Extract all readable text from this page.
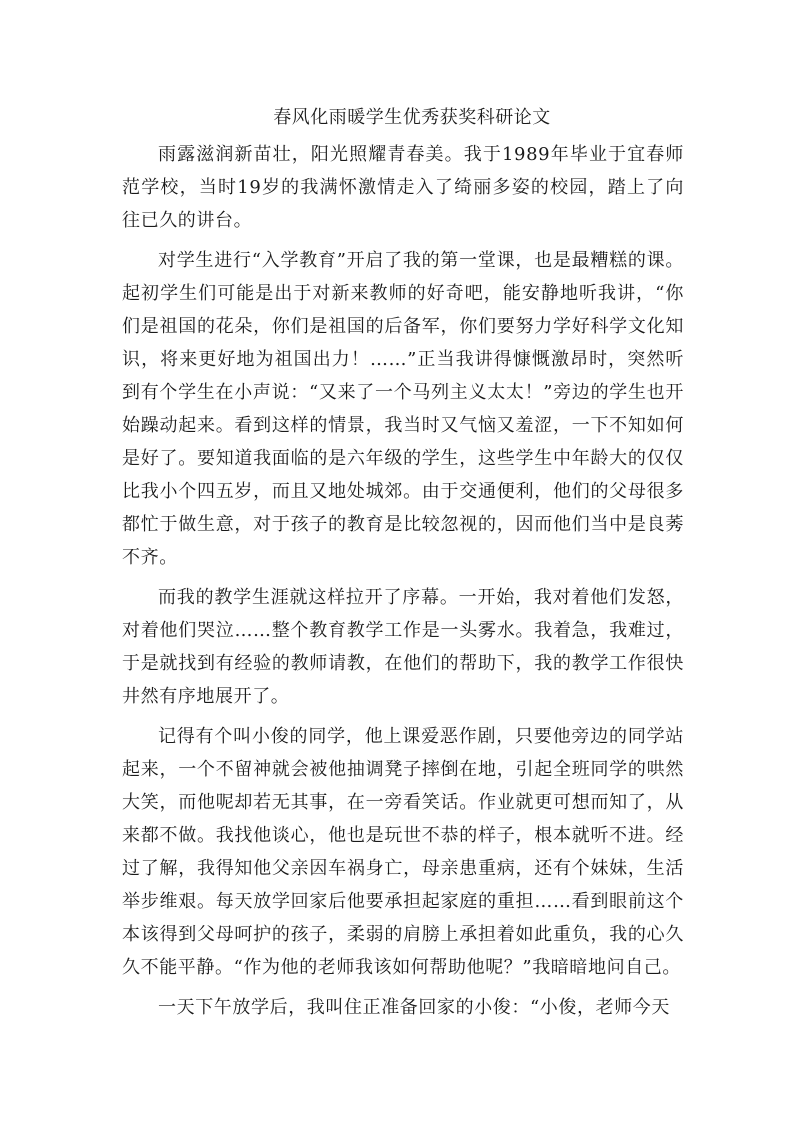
春风化雨暖学生优秀获奖科研论文

雨露滋润新苗壮，阳光照耀青春美。我于1989年毕业于宜春师范学校，当时19岁的我满怀激情走入了绮丽多姿的校园，踏上了向往已久的讲台。

对学生进行“入学教育”开启了我的第一堂课，也是最糟糕的课。起初学生们可能是出于对新来教师的好奇吧，能安静地听我讲，“你们是祖国的花朵，你们是祖国的后备军，你们要努力学好科学文化知识，将来更好地为祖国出力！……”正当我讲得慷慨激昂时，突然听到有个学生在小声说：“又来了一个马列主义太太！”旁边的学生也开始躁动起来。看到这样的情景，我当时又气恼又羞涩，一下不知如何是好了。要知道我面临的是六年级的学生，这些学生中年龄大的仅仅比我小个四五岁，而且又地处城郊。由于交通便利，他们的父母很多都忙于做生意，对于孩子的教育是比较忽视的，因而他们当中是良莠不齐。

而我的教学生涯就这样拉开了序幕。一开始，我对着他们发怒，对着他们哭泣……整个教育教学工作是一头雾水。我着急，我难过，于是就找到有经验的教师请教，在他们的帮助下，我的教学工作很快井然有序地展开了。

记得有个叫小俊的同学，他上课爱恶作剧，只要他旁边的同学站起来，一个不留神就会被他抽调凳子摔倒在地，引起全班同学的哄然大笑，而他呢却若无其事，在一旁看笑话。作业就更可想而知了，从来都不做。我找他谈心，他也是玩世不恭的样子，根本就听不进。经过了解，我得知他父亲因车祸身亡，母亲患重病，还有个妹妹，生活举步维艰。每天放学回家后他要承担起家庭的重担……看到眼前这个本该得到父母呵护的孩子，柔弱的肩膀上承担着如此重负，我的心久久不能平静。“作为他的老师我该如何帮助他呢？”我暗暗地问自己。

一天下午放学后，我叫住正准备回家的小俊：“小俊，老师今天
